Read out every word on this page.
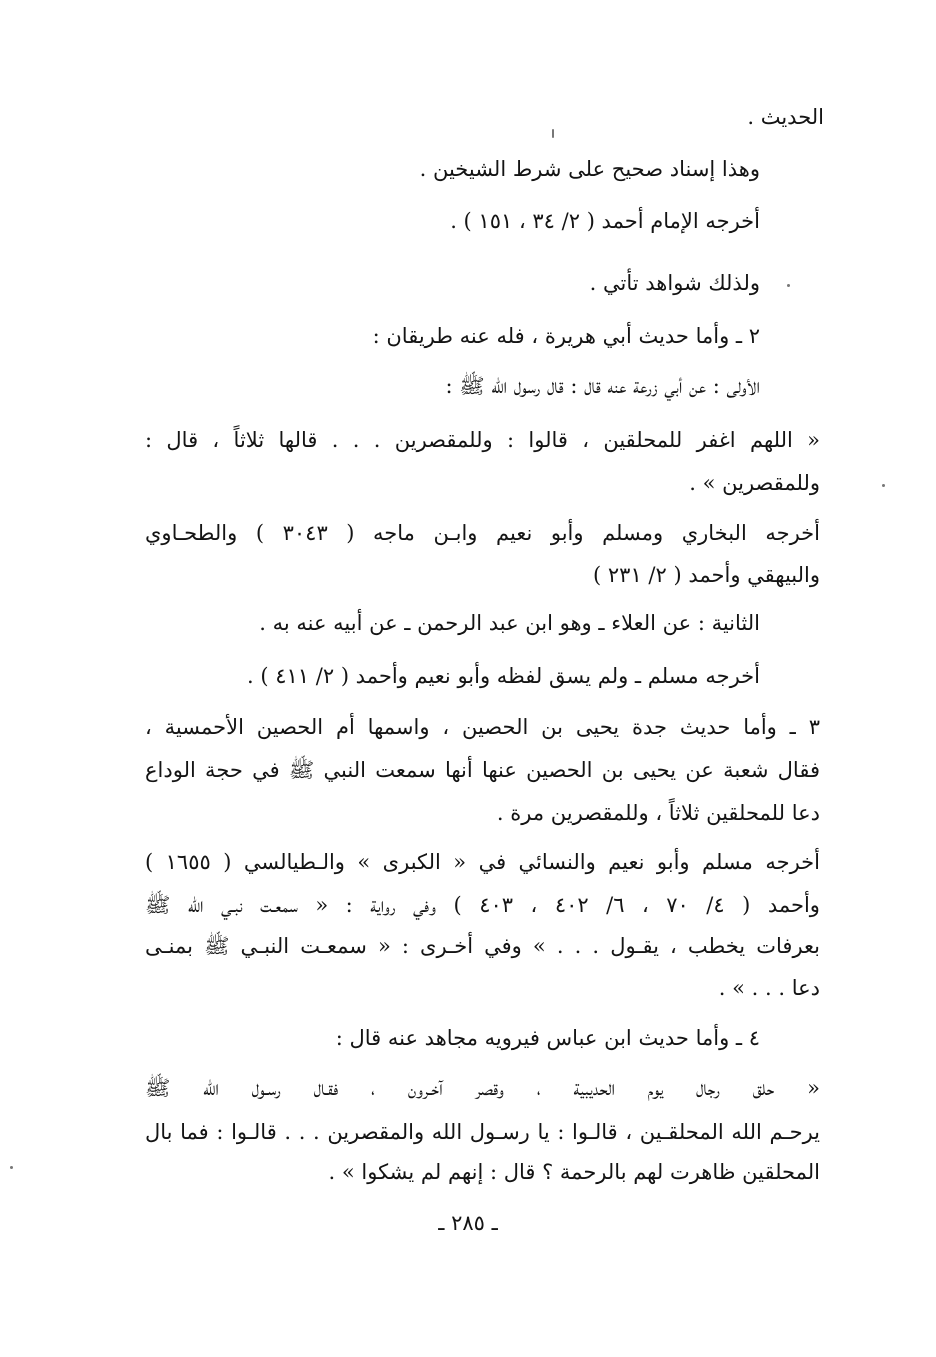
الحديث .
وهذا إسناد صحيح على شرط الشيخين .
أخرجه الإمام أحمد ( ٢/ ٣٤ ، ١٥١ ) .
ولذلك شواهد تأتي .
٢ ـ وأما حديث أبي هريرة ، فله عنه طريقان :
الأولى : عن أبي زرعة عنه قال : قال رسول الله ﷺ :
« اللهم اغفر للمحلقين ، قالوا : وللمقصرين . . . قالها ثلاثاً ، قال :
وللمقصرين » .
أخرجه البخاري ومسلم وأبو نعيم وابـن ماجه ( ٣٠٤٣ ) والطحـاوي
والبيهقي وأحمد ( ٢/ ٢٣١ )
الثانية : عن العلاء ـ وهو ابن عبد الرحمن ـ عن أبيه عنه به .
أخرجه مسلم ـ ولم يسق لفظه وأبو نعيم وأحمد ( ٢/ ٤١١ ) .
٣ ـ وأما حديث جدة يحيى بن الحصين ، واسمها أم الحصين الأحمسية ،
فقال شعبة عن يحيى بن الحصين عنها أنها سمعت النبي ﷺ في حجة الوداع
دعا للمحلقين ثلاثاً ، وللمقصرين مرة .
أخرجه مسلم وأبو نعيم والنسائي في « الكبرى » والـطيالسي ( ١٦٥٥ )
وأحمد ( ٤/ ٧٠ ، ٦/ ٤٠٢ ، ٤٠٣ ) وفي رواية : « سمعـت نبـي الله ﷺ
بعرفات يخطب ، يقـول . . . » وفي أخـرى : « سمعـت النبـي ﷺ بمنـى
دعا . . . » .
٤ ـ وأما حديث ابن عباس فيرويه مجاهد عنه قال :
« حلق رجال يوم الحديبية ، وقصر آخـرون ، فقـال رسـول الله ﷺ
يرحـم الله المحلقـين ، قالـوا : يا رسـول الله والمقصرين . . . قالـوا : فما بال
المحلقين ظاهرت لهم بالرحمة ؟ قال : إنهم لم يشكوا » .
ـ ٢٨٥ ـ
